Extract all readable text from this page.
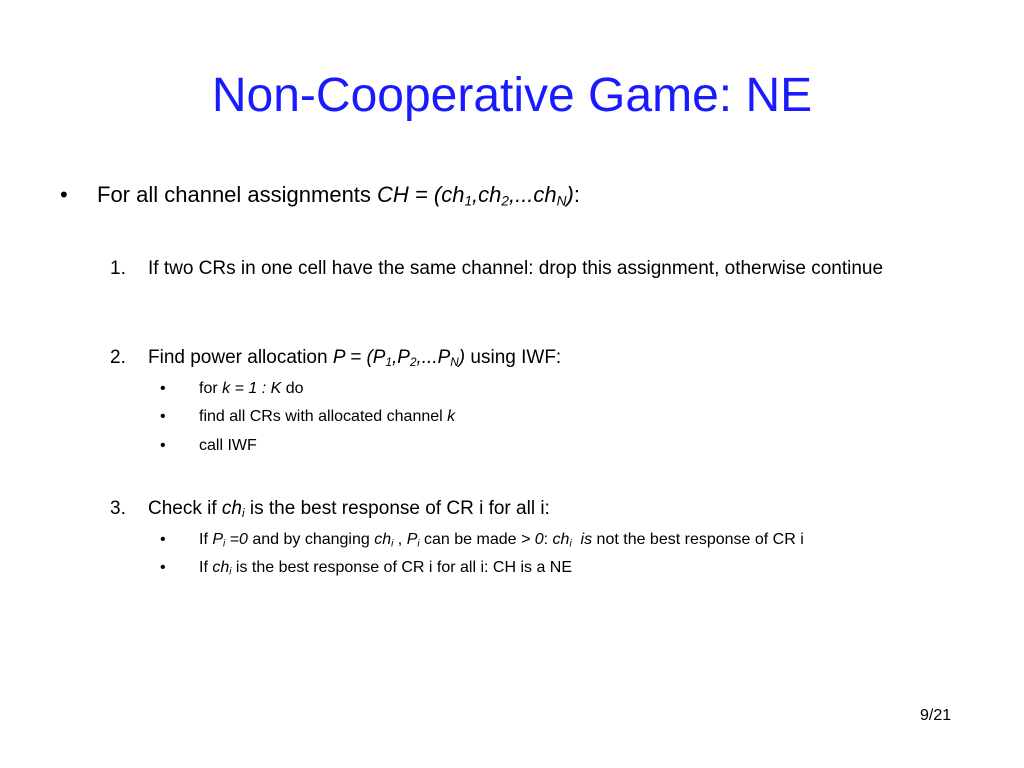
Non-Cooperative Game: NE
• For all channel assignments CH = $(ch_1,ch_2,...ch_N)$:
1. If two CRs in one cell have the same channel: drop this assignment, otherwise continue
2. Find power allocation $P = (P_1,P_2,...P_N)$ using IWF:
• for k = 1 : K do
• find all CRs with allocated channel k
• call IWF
3. Check if $ch_i$ is the best response of CR i for all i:
• If $P_i =0$ and by changing $ch_i$ , $P_i$ can be made > 0: $ch_i$  is not the best response of CR i
• If $ch_i$ is the best response of CR i for all i: CH is a NE
9/21
